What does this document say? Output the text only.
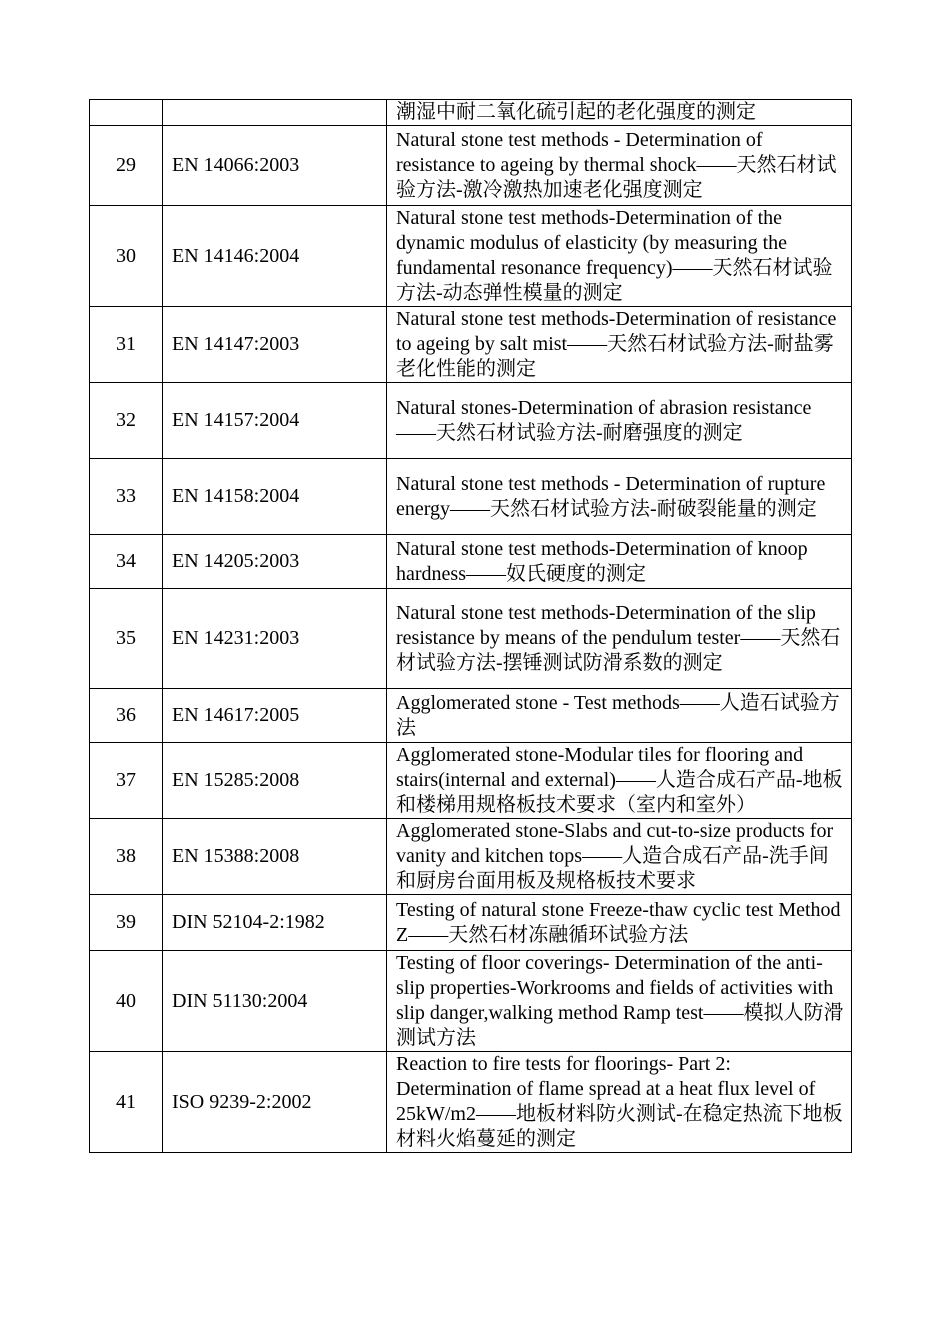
		潮湿中耐二氧化硫引起的老化强度的测定
29	EN 14066:2003	Natural stone test methods - Determination of resistance to ageing by thermal shock——天然石材试验方法-激冷激热加速老化强度测定
30	EN 14146:2004	Natural stone test methods-Determination of the dynamic modulus of elasticity (by measuring the fundamental resonance frequency)——天然石材试验方法-动态弹性模量的测定
31	EN 14147:2003	Natural stone test methods-Determination of resistance to ageing by salt mist——天然石材试验方法-耐盐雾老化性能的测定
32	EN 14157:2004	Natural stones-Determination of abrasion resistance——天然石材试验方法-耐磨强度的测定
33	EN 14158:2004	Natural stone test methods - Determination of rupture energy——天然石材试验方法-耐破裂能量的测定
34	EN 14205:2003	Natural stone test methods-Determination of knoop hardness——奴氏硬度的测定
35	EN 14231:2003	Natural stone test methods-Determination of the slip resistance by means of the pendulum tester——天然石材试验方法-摆锤测试防滑系数的测定
36	EN 14617:2005	Agglomerated stone - Test methods——人造石试验方法
37	EN 15285:2008	Agglomerated stone-Modular tiles for flooring and stairs(internal and external)——人造合成石产品-地板和楼梯用规格板技术要求（室内和室外）
38	EN 15388:2008	Agglomerated stone-Slabs and cut-to-size products for vanity and kitchen tops——人造合成石产品-洗手间和厨房台面用板及规格板技术要求
39	DIN 52104-2:1982	Testing of natural stone Freeze-thaw cyclic test Method Z——天然石材冻融循环试验方法
40	DIN 51130:2004	Testing of floor coverings- Determination of the anti-slip properties-Workrooms and fields of activities with slip danger,walking method Ramp test——模拟人防滑测试方法
41	ISO 9239-2:2002	Reaction to fire tests for floorings- Part 2: Determination of flame spread at a heat flux level of 25kW/m2——地板材料防火测试-在稳定热流下地板材料火焰蔓延的测定
